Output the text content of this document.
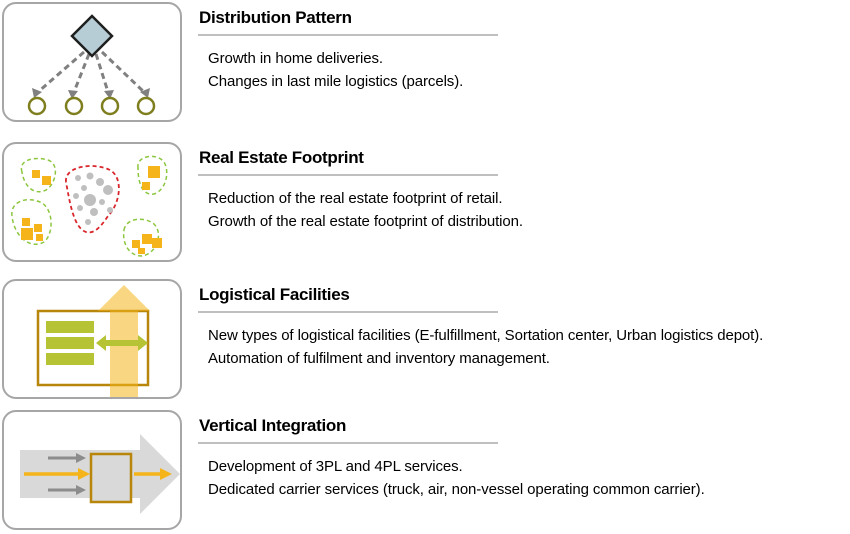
Distribution Pattern
Growth in home deliveries.
Changes in last mile logistics (parcels).
Real Estate Footprint
Reduction of the real estate footprint of retail.
Growth of the real estate footprint of distribution.
Logistical Facilities
New types of logistical facilities (E-fulfillment, Sortation center, Urban logistics depot).
Automation of fulfilment and inventory management.
Vertical Integration
Development of 3PL and 4PL services.
Dedicated carrier services (truck, air, non-vessel operating common carrier).
